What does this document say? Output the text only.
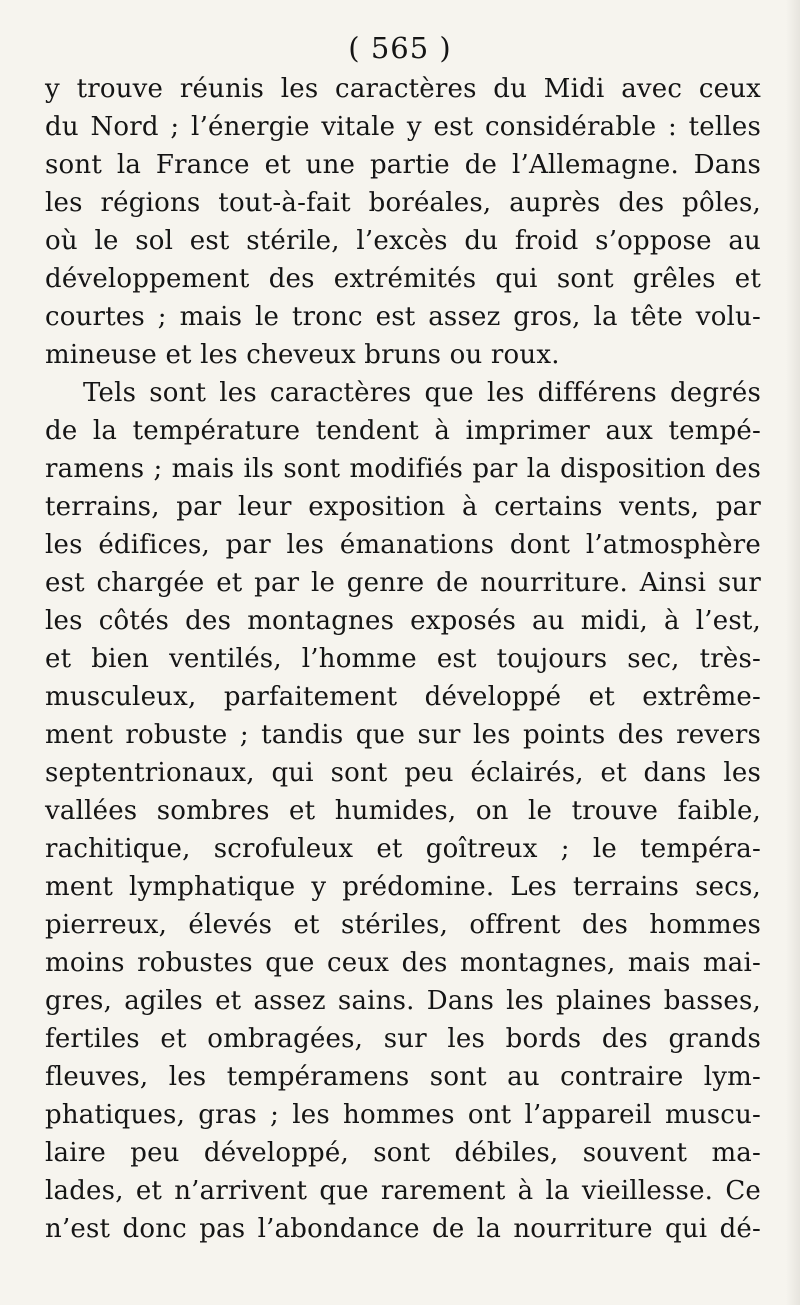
( 565 )
y trouve réunis les caractères du Midi avec ceux
du Nord ; l’énergie vitale y est considérable : telles
sont la France et une partie de l’Allemagne. Dans
les régions tout-à-fait boréales, auprès des pôles,
où le sol est stérile, l’excès du froid s’oppose au
développement des extrémités qui sont grêles et
courtes ; mais le tronc est assez gros, la tête volu-
mineuse et les cheveux bruns ou roux.
Tels sont les caractères que les différens degrés
de la température tendent à imprimer aux tempé-
ramens ; mais ils sont modifiés par la disposition des
terrains, par leur exposition à certains vents, par
les édifices, par les émanations dont l’atmosphère
est chargée et par le genre de nourriture. Ainsi sur
les côtés des montagnes exposés au midi, à l’est,
et bien ventilés, l’homme est toujours sec, très-
musculeux, parfaitement développé et extrême-
ment robuste ; tandis que sur les points des revers
septentrionaux, qui sont peu éclairés, et dans les
vallées sombres et humides, on le trouve faible,
rachitique, scrofuleux et goîtreux ; le tempéra-
ment lymphatique y prédomine. Les terrains secs,
pierreux, élevés et stériles, offrent des hommes
moins robustes que ceux des montagnes, mais mai-
gres, agiles et assez sains. Dans les plaines basses,
fertiles et ombragées, sur les bords des grands
fleuves, les tempéramens sont au contraire lym-
phatiques, gras ; les hommes ont l’appareil muscu-
laire peu développé, sont débiles, souvent ma-
lades, et n’arrivent que rarement à la vieillesse. Ce
n’est donc pas l’abondance de la nourriture qui dé-
